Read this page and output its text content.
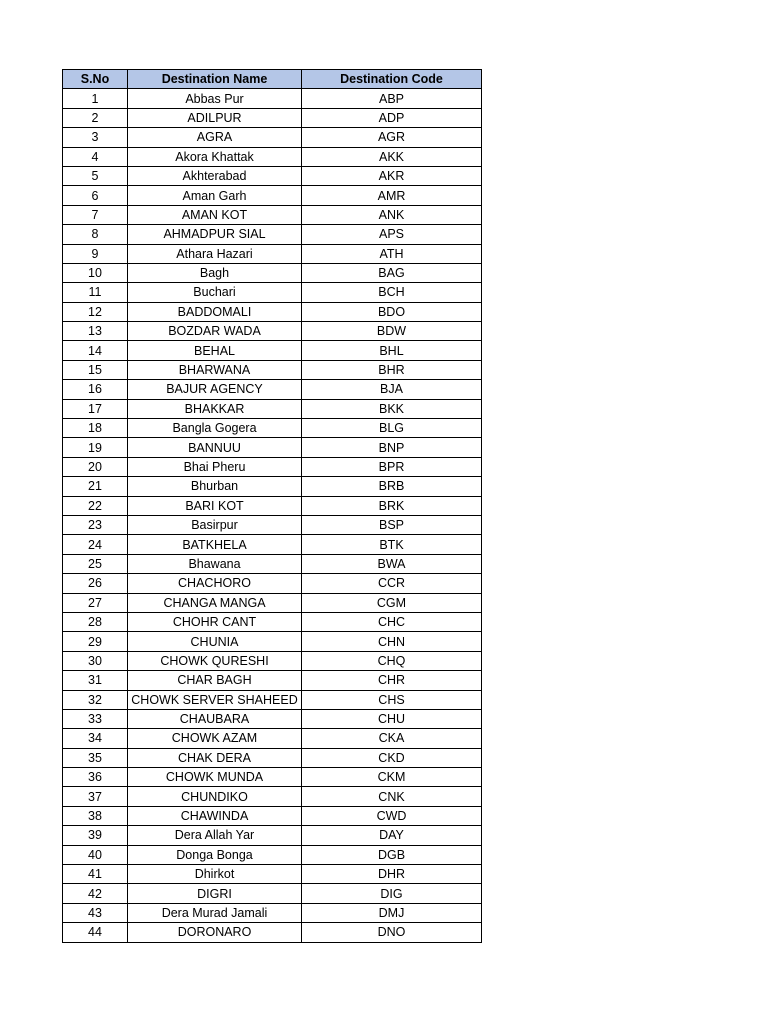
S.No	Destination Name	Destination Code
1	Abbas Pur	ABP
2	ADILPUR	ADP
3	AGRA	AGR
4	Akora Khattak	AKK
5	Akhterabad	AKR
6	Aman Garh	AMR
7	AMAN KOT	ANK
8	AHMADPUR SIAL	APS
9	Athara Hazari	ATH
10	Bagh	BAG
11	Buchari	BCH
12	BADDOMALI	BDO
13	BOZDAR WADA	BDW
14	BEHAL	BHL
15	BHARWANA	BHR
16	BAJUR AGENCY	BJA
17	BHAKKAR	BKK
18	Bangla Gogera	BLG
19	BANNUU	BNP
20	Bhai Pheru	BPR
21	Bhurban	BRB
22	BARI KOT	BRK
23	Basirpur	BSP
24	BATKHELA	BTK
25	Bhawana	BWA
26	CHACHORO	CCR
27	CHANGA MANGA	CGM
28	CHOHR CANT	CHC
29	CHUNIA	CHN
30	CHOWK QURESHI	CHQ
31	CHAR BAGH	CHR
32	CHOWK SERVER SHAHEED	CHS
33	CHAUBARA	CHU
34	CHOWK AZAM	CKA
35	CHAK DERA	CKD
36	CHOWK MUNDA	CKM
37	CHUNDIKO	CNK
38	CHAWINDA	CWD
39	Dera Allah Yar	DAY
40	Donga Bonga	DGB
41	Dhirkot	DHR
42	DIGRI	DIG
43	Dera Murad Jamali	DMJ
44	DORONARO	DNO
